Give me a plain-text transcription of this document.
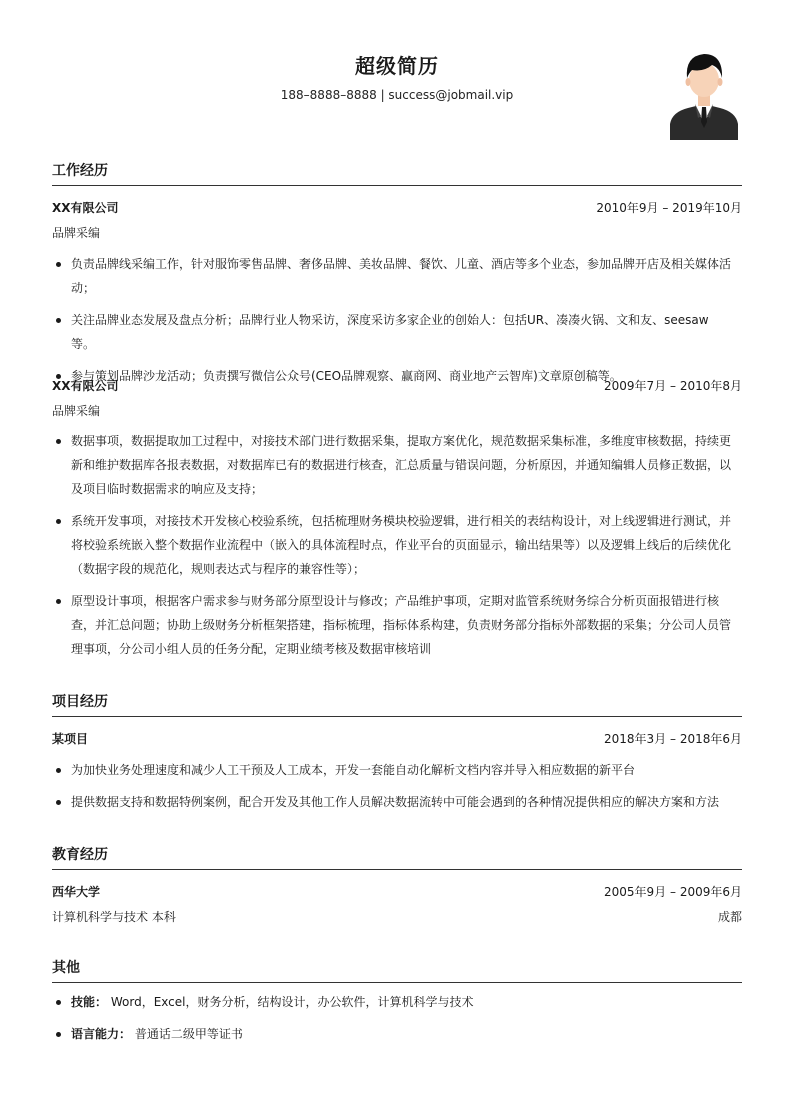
超级简历
188–8888–8888 | success@jobmail.vip
工作经历
XX有限公司	2010年9月 – 2019年10月
品牌采编
负责品牌线采编工作，针对服饰零售品牌、奢侈品牌、美妆品牌、餐饮、儿童、酒店等多个业态，参加品牌开店及相关媒体活动；
关注品牌业态发展及盘点分析；品牌行业人物采访，深度采访多家企业的创始人：包括UR、凑凑火锅、文和友、seesaw等。
参与策划品牌沙龙活动；负责撰写微信公众号(CEO品牌观察、赢商网、商业地产云智库)文章原创稿等。
XX有限公司	2009年7月 – 2010年8月
品牌采编
数据事项，数据提取加工过程中，对接技术部门进行数据采集，提取方案优化，规范数据采集标准，多维度审核数据，持续更新和维护数据库各报表数据，对数据库已有的数据进行核查，汇总质量与错误问题，分析原因，并通知编辑人员修正数据，以及项目临时数据需求的响应及支持；
系统开发事项，对接技术开发核心校验系统，包括梳理财务模块校验逻辑，进行相关的表结构设计，对上线逻辑进行测试，并将校验系统嵌入整个数据作业流程中（嵌入的具体流程时点，作业平台的页面显示，输出结果等）以及逻辑上线后的后续优化（数据字段的规范化，规则表达式与程序的兼容性等）；
原型设计事项，根据客户需求参与财务部分原型设计与修改；产品维护事项，定期对监管系统财务综合分析页面报错进行核查，并汇总问题；协助上级财务分析框架搭建，指标梳理，指标体系构建，负责财务部分指标外部数据的采集；分公司人员管理事项，分公司小组人员的任务分配，定期业绩考核及数据审核培训
项目经历
某项目	2018年3月 – 2018年6月
为加快业务处理速度和减少人工干预及人工成本，开发一套能自动化解析文档内容并导入相应数据的新平台
提供数据支持和数据特例案例，配合开发及其他工作人员解决数据流转中可能会遇到的各种情况提供相应的解决方案和方法
教育经历
西华大学	2005年9月 – 2009年6月
计算机科学与技术 本科	成都
其他
技能： Word，Excel，财务分析，结构设计，办公软件，计算机科学与技术
语言能力： 普通话二级甲等证书
